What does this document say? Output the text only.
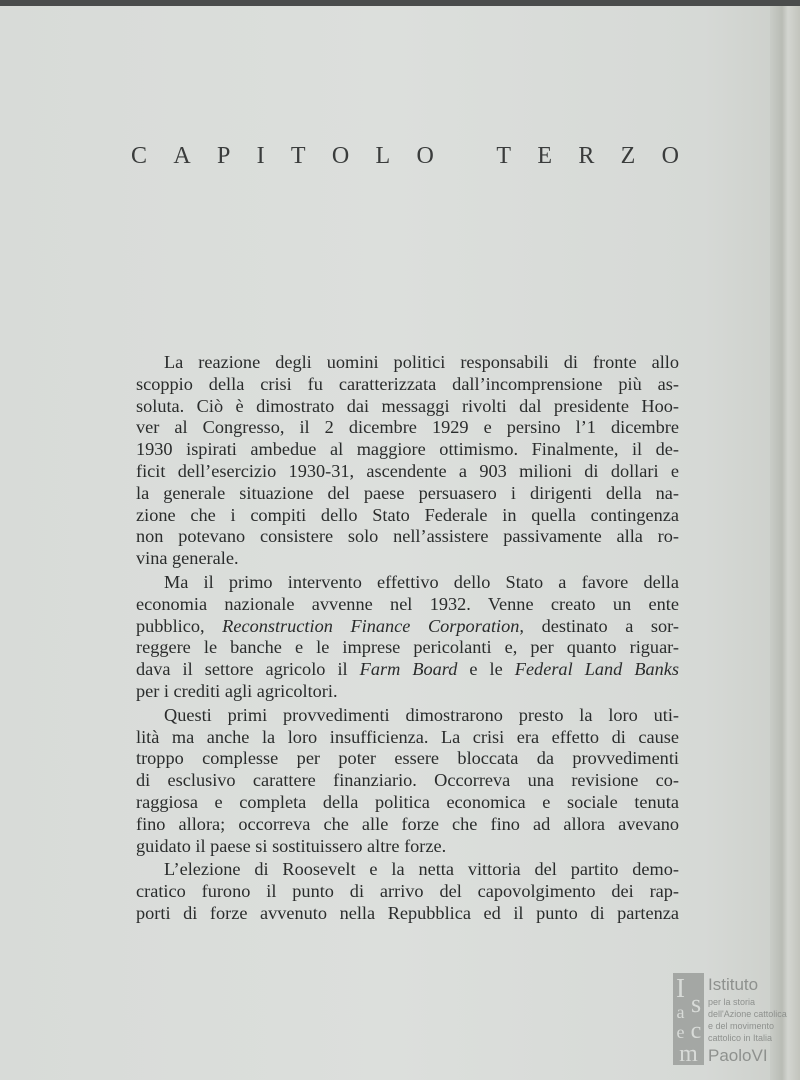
C A P I T O L O	T E R Z O
La reazione degli uomini politici responsabili di fronte allo
scoppio della crisi fu caratterizzata dall’incomprensione più as-
soluta. Ciò è dimostrato dai messaggi rivolti dal presidente Hoo-
ver al Congresso, il 2 dicembre 1929 e persino l’1 dicembre
1930 ispirati ambedue al maggiore ottimismo. Finalmente, il de-
ficit dell’esercizio 1930-31, ascendente a 903 milioni di dollari e
la generale situazione del paese persuasero i dirigenti della na-
zione che i compiti dello Stato Federale in quella contingenza
non potevano consistere solo nell’assistere passivamente alla ro-
vina generale.
Ma il primo intervento effettivo dello Stato a favore della
economia nazionale avvenne nel 1932. Venne creato un ente
pubblico, Reconstruction Finance Corporation, destinato a sor-
reggere le banche e le imprese pericolanti e, per quanto riguar-
dava il settore agricolo il Farm Board e le Federal Land Banks
per i crediti agli agricoltori.
Questi primi provvedimenti dimostrarono presto la loro uti-
lità ma anche la loro insufficienza. La crisi era effetto di cause
troppo complesse per poter essere bloccata da provvedimenti
di esclusivo carattere finanziario. Occorreva una revisione co-
raggiosa e completa della politica economica e sociale tenuta
fino allora; occorreva che alle forze che fino ad allora avevano
guidato il paese si sostituissero altre forze.
L’elezione di Roosevelt e la netta vittoria del partito demo-
cratico furono il punto di arrivo del capovolgimento dei rap-
porti di forze avvenuto nella Repubblica ed il punto di partenza
I
s
a
e c
m
Istituto
per la storia
dell'Azione cattolica
e del movimento
cattolico in Italia
PaoloVI
